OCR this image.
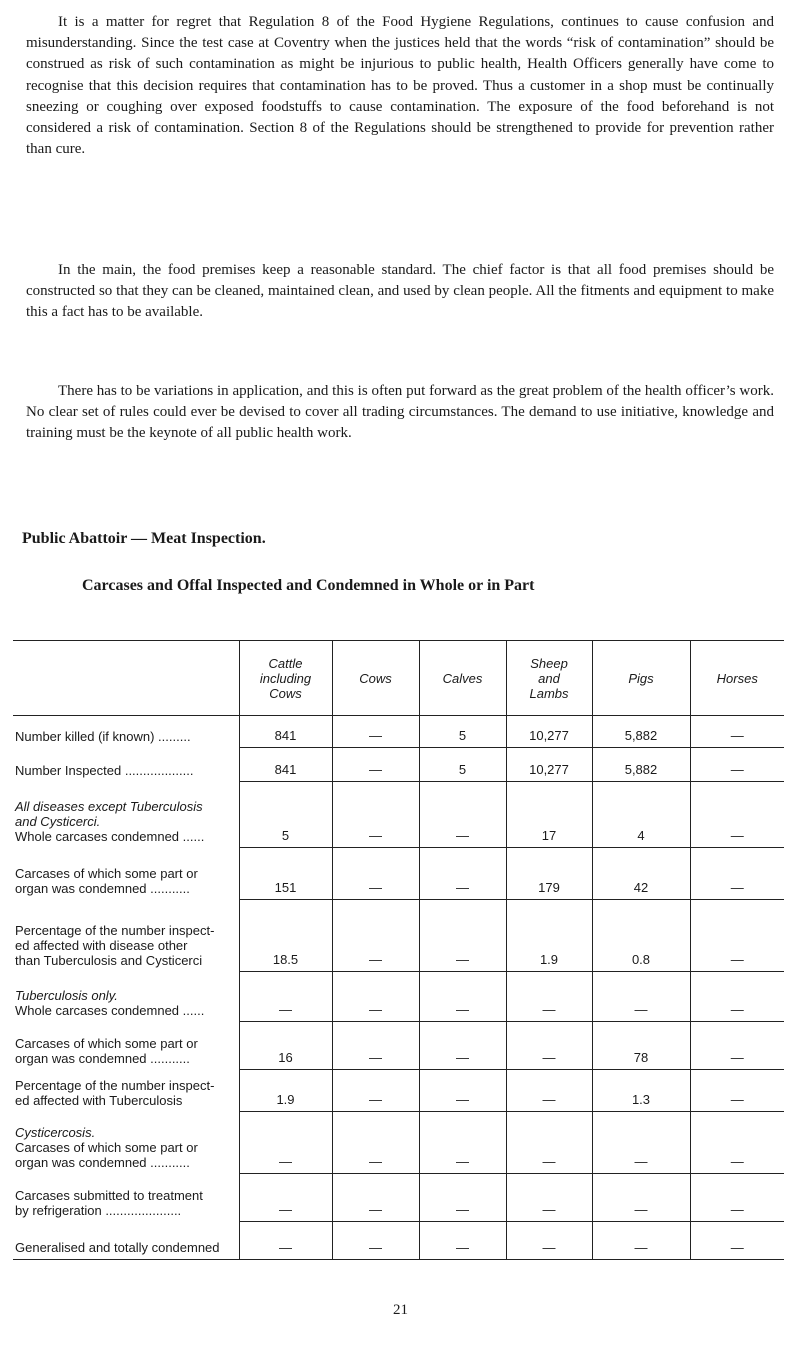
It is a matter for regret that Regulation 8 of the Food Hygiene Regulations, continues to cause confusion and misunderstanding. Since the test case at Coventry when the justices held that the words “risk of contamination” should be construed as risk of such contamination as might be injurious to public health, Health Officers generally have come to recognise that this decision requires that contamination has to be proved. Thus a customer in a shop must be continually sneezing or coughing over exposed foodstuffs to cause contamination. The exposure of the food beforehand is not considered a risk of contamination. Section 8 of the Regulations should be strengthened to provide for prevention rather than cure.

In the main, the food premises keep a reasonable standard. The chief factor is that all food premises should be constructed so that they can be cleaned, maintained clean, and used by clean people. All the fitments and equipment to make this a fact has to be available.

There has to be variations in application, and this is often put forward as the great problem of the health officer’s work. No clear set of rules could ever be devised to cover all trading circumstances. The demand to use initiative, knowledge and training must be the keynote of all public health work.

Public Abattoir — Meat Inspection.
Carcases and Offal Inspected and Condemned in Whole or in Part
	Cattle
including
Cows	Cows	Calves	Sheep
and
Lambs	Pigs	Horses
Number killed (if known) .........	841	—	5	10,277	5,882	—
Number Inspected ...................	841	—	5	10,277	5,882	—
All diseases except Tuberculosis
and Cysticerci.
Whole carcases condemned ......	5	—	—	17	4	—
Carcases of which some part or
organ was condemned ...........	151	—	—	179	42	—
Percentage of the number inspect-
ed affected with disease other
than Tuberculosis and Cysticerci	18.5	—	—	1.9	0.8	—
Tuberculosis only.
Whole carcases condemned ......	—	—	—	—	—	—
Carcases of which some part or
organ was condemned ...........	16	—	—	—	78	—
Percentage of the number inspect-
ed affected with Tuberculosis	1.9	—	—	—	1.3	—
Cysticercosis.
Carcases of which some part or
organ was condemned ...........	—	—	—	—	—	—
Carcases submitted to treatment
by refrigeration .....................	—	—	—	—	—	—
Generalised and totally condemned	—	—	—	—	—	—
21
